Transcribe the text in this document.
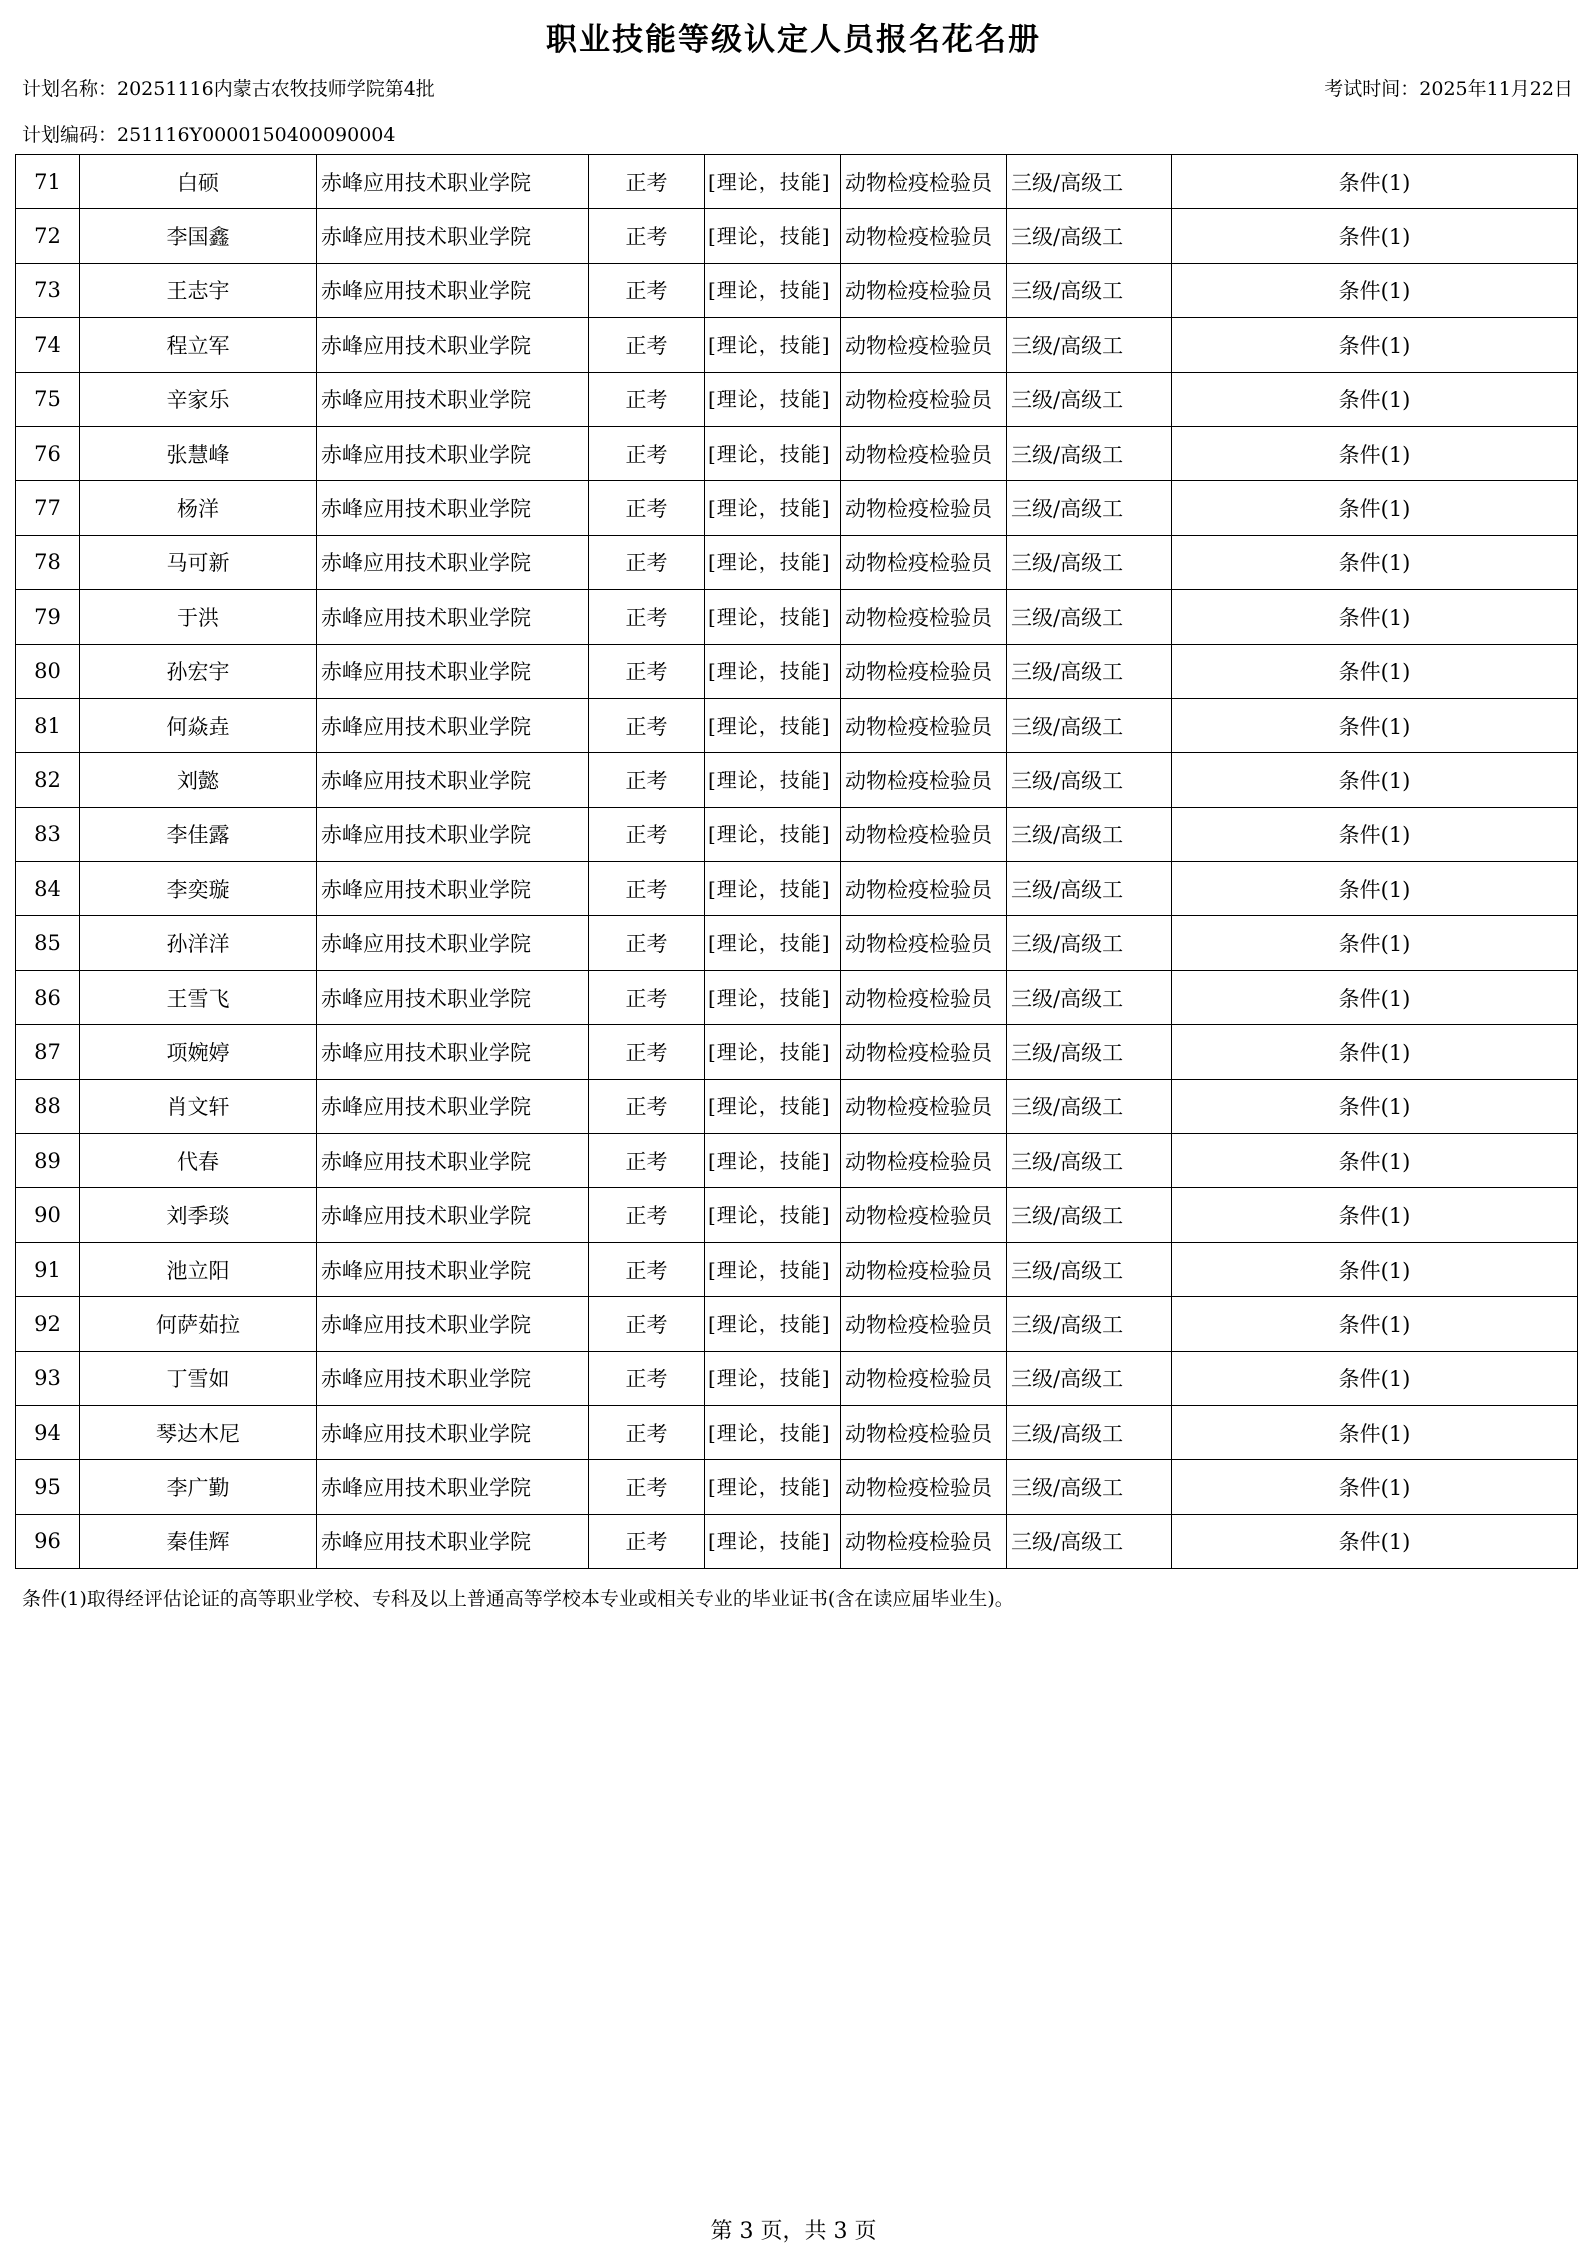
职业技能等级认定人员报名花名册
计划名称：20251116内蒙古农牧技师学院第4批	考试时间：2025年11月22日
计划编码：251116Y0000150400090004
71	白硕	赤峰应用技术职业学院	正考	[理论，技能]	动物检疫检验员	三级/高级工	条件(1)
72	李国鑫	赤峰应用技术职业学院	正考	[理论，技能]	动物检疫检验员	三级/高级工	条件(1)
73	王志宇	赤峰应用技术职业学院	正考	[理论，技能]	动物检疫检验员	三级/高级工	条件(1)
74	程立军	赤峰应用技术职业学院	正考	[理论，技能]	动物检疫检验员	三级/高级工	条件(1)
75	辛家乐	赤峰应用技术职业学院	正考	[理论，技能]	动物检疫检验员	三级/高级工	条件(1)
76	张慧峰	赤峰应用技术职业学院	正考	[理论，技能]	动物检疫检验员	三级/高级工	条件(1)
77	杨洋	赤峰应用技术职业学院	正考	[理论，技能]	动物检疫检验员	三级/高级工	条件(1)
78	马可新	赤峰应用技术职业学院	正考	[理论，技能]	动物检疫检验员	三级/高级工	条件(1)
79	于洪	赤峰应用技术职业学院	正考	[理论，技能]	动物检疫检验员	三级/高级工	条件(1)
80	孙宏宇	赤峰应用技术职业学院	正考	[理论，技能]	动物检疫检验员	三级/高级工	条件(1)
81	何焱垚	赤峰应用技术职业学院	正考	[理论，技能]	动物检疫检验员	三级/高级工	条件(1)
82	刘懿	赤峰应用技术职业学院	正考	[理论，技能]	动物检疫检验员	三级/高级工	条件(1)
83	李佳露	赤峰应用技术职业学院	正考	[理论，技能]	动物检疫检验员	三级/高级工	条件(1)
84	李奕璇	赤峰应用技术职业学院	正考	[理论，技能]	动物检疫检验员	三级/高级工	条件(1)
85	孙洋洋	赤峰应用技术职业学院	正考	[理论，技能]	动物检疫检验员	三级/高级工	条件(1)
86	王雪飞	赤峰应用技术职业学院	正考	[理论，技能]	动物检疫检验员	三级/高级工	条件(1)
87	项婉婷	赤峰应用技术职业学院	正考	[理论，技能]	动物检疫检验员	三级/高级工	条件(1)
88	肖文轩	赤峰应用技术职业学院	正考	[理论，技能]	动物检疫检验员	三级/高级工	条件(1)
89	代春	赤峰应用技术职业学院	正考	[理论，技能]	动物检疫检验员	三级/高级工	条件(1)
90	刘季琰	赤峰应用技术职业学院	正考	[理论，技能]	动物检疫检验员	三级/高级工	条件(1)
91	池立阳	赤峰应用技术职业学院	正考	[理论，技能]	动物检疫检验员	三级/高级工	条件(1)
92	何萨茹拉	赤峰应用技术职业学院	正考	[理论，技能]	动物检疫检验员	三级/高级工	条件(1)
93	丁雪如	赤峰应用技术职业学院	正考	[理论，技能]	动物检疫检验员	三级/高级工	条件(1)
94	琴达木尼	赤峰应用技术职业学院	正考	[理论，技能]	动物检疫检验员	三级/高级工	条件(1)
95	李广勤	赤峰应用技术职业学院	正考	[理论，技能]	动物检疫检验员	三级/高级工	条件(1)
96	秦佳辉	赤峰应用技术职业学院	正考	[理论，技能]	动物检疫检验员	三级/高级工	条件(1)
条件(1)取得经评估论证的高等职业学校、专科及以上普通高等学校本专业或相关专业的毕业证书(含在读应届毕业生)。
第 3 页，共 3 页
